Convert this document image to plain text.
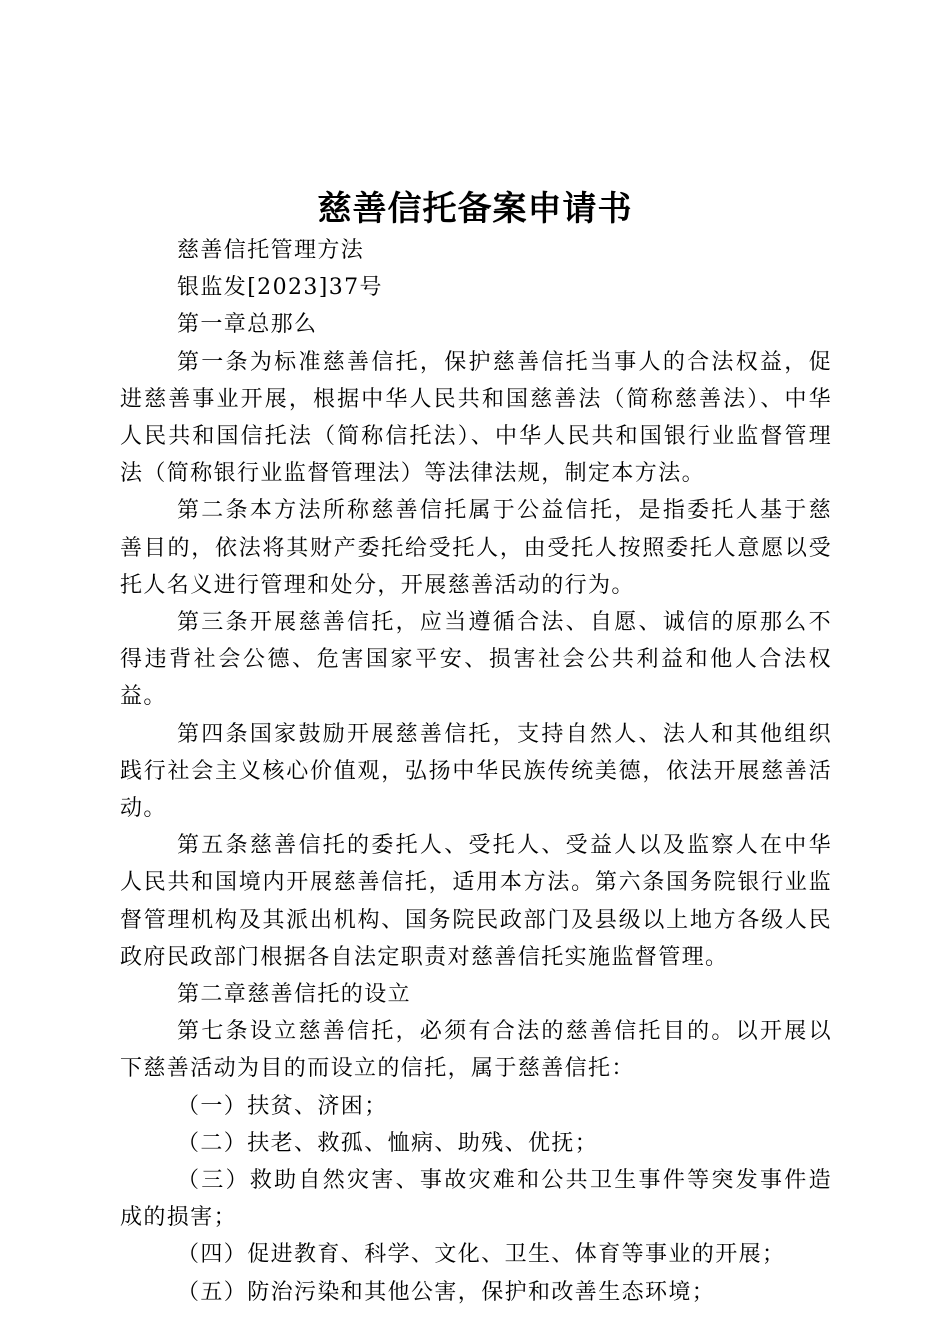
慈善信托备案申请书

慈善信托管理方法

银监发[2023]37号

第一章总那么

第一条为标准慈善信托，保护慈善信托当事人的合法权益，促进慈善事业开展，根据中华人民共和国慈善法（简称慈善法）、中华人民共和国信托法（简称信托法）、中华人民共和国银行业监督管理法（简称银行业监督管理法）等法律法规，制定本方法。

第二条本方法所称慈善信托属于公益信托，是指委托人基于慈善目的，依法将其财产委托给受托人，由受托人按照委托人意愿以受托人名义进行管理和处分，开展慈善活动的行为。

第三条开展慈善信托，应当遵循合法、自愿、诚信的原那么不得违背社会公德、危害国家平安、损害社会公共利益和他人合法权益。

第四条国家鼓励开展慈善信托，支持自然人、法人和其他组织践行社会主义核心价值观，弘扬中华民族传统美德，依法开展慈善活动。

第五条慈善信托的委托人、受托人、受益人以及监察人在中华人民共和国境内开展慈善信托，适用本方法。第六条国务院银行业监督管理机构及其派出机构、国务院民政部门及县级以上地方各级人民政府民政部门根据各自法定职责对慈善信托实施监督管理。

第二章慈善信托的设立

第七条设立慈善信托，必须有合法的慈善信托目的。以开展以下慈善活动为目的而设立的信托，属于慈善信托：

（一）扶贫、济困；

（二）扶老、救孤、恤病、助残、优抚；

（三）救助自然灾害、事故灾难和公共卫生事件等突发事件造成的损害；

（四）促进教育、科学、文化、卫生、体育等事业的开展；

（五）防治污染和其他公害，保护和改善生态环境；
